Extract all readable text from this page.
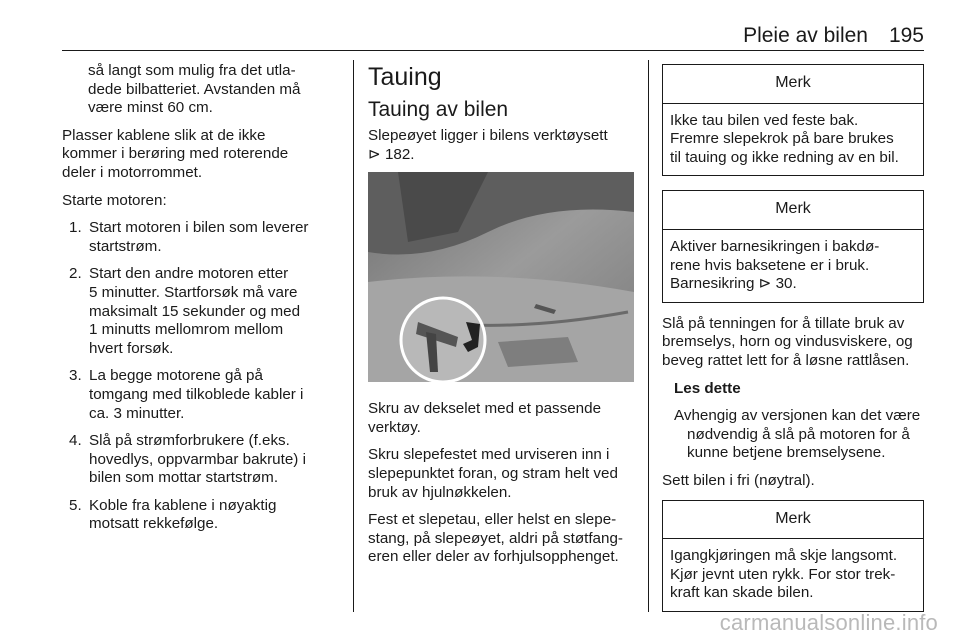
Pleie av bilen 195

så langt som mulig fra det utla-
dede bilbatteriet. Avstanden må
være minst 60 cm.

Plasser kablene slik at de ikke
kommer i berøring med roterende
deler i motorrommet.

Starte motoren:

1. Start motoren i bilen som leverer
startstrøm.
2. Start den andre motoren etter
5 minutter. Startforsøk må vare
maksimalt 15 sekunder og med
1 minutts mellomrom mellom
hvert forsøk.
3. La begge motorene gå på
tomgang med tilkoblede kabler i
ca. 3 minutter.
4. Slå på strømforbrukere (f.eks.
hovedlys, oppvarmbar bakrute) i
bilen som mottar startstrøm.
5. Koble fra kablene i nøyaktig
motsatt rekkefølge.
Tauing
Tauing av bilen

Slepeøyet ligger i bilens verktøysett
⊳ 182.

Skru av dekselet med et passende
verktøy.

Skru slepefestet med urviseren inn i
slepepunktet foran, og stram helt ved
bruk av hjulnøkkelen.

Fest et slepetau, eller helst en slepe-
stang, på slepeøyet, aldri på støtfang-
eren eller deler av forhjulsopphenget.

Merk

Ikke tau bilen ved feste bak.
Fremre slepekrok på bare brukes
til tauing og ikke redning av en bil.

Merk

Aktiver barnesikringen i bakdø-
rene hvis baksetene er i bruk.
Barnesikring ⊳ 30.

Slå på tenningen for å tillate bruk av
bremselys, horn og vindusviskere, og
beveg rattet lett for å løsne rattlåsen.

Les dette

Avhengig av versjonen kan det være
nødvendig å slå på motoren for å
kunne betjene bremselysene.

Sett bilen i fri (nøytral).

Merk

Igangkjøringen må skje langsomt.
Kjør jevnt uten rykk. For stor trek-
kraft kan skade bilen.

carmanualsonline.info
